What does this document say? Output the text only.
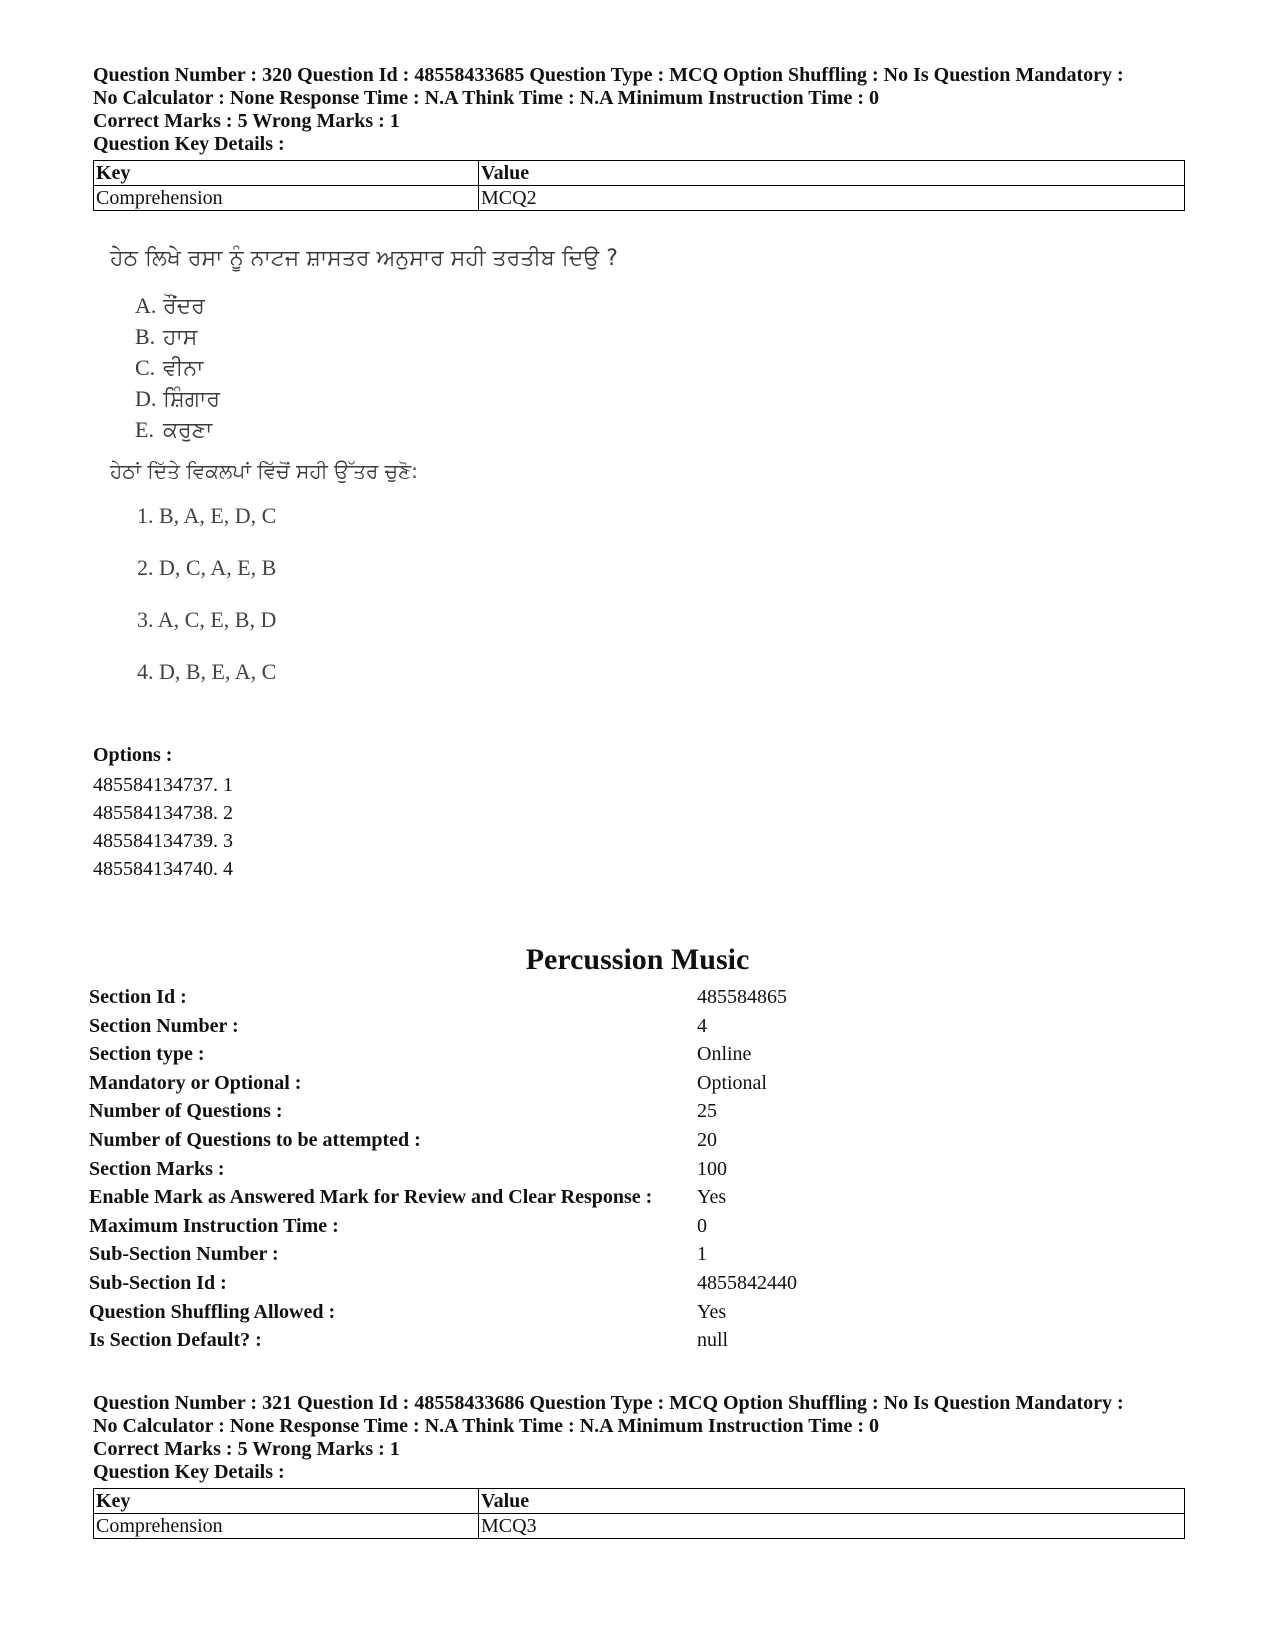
Question Number : 320 Question Id : 48558433685 Question Type : MCQ Option Shuffling : No Is Question Mandatory :

No Calculator : None Response Time : N.A Think Time : N.A Minimum Instruction Time : 0

Correct Marks : 5 Wrong Marks : 1

Question Key Details :

Key	Value
Comprehension	MCQ2

ਹੇਠ ਲਿਖੇ ਰਸਾ ਨੂੰ ਨਾਟਜ ਸ਼ਾਸਤਰ ਅਨੁਸਾਰ ਸਹੀ ਤਰਤੀਬ ਦਿਉ ?

A. ਰੌਂਦਰ
B. ਹਾਸ
C. ਵੀਨਾ
D. ਸ਼ਿੰਗਾਰ
E. ਕਰੁਣਾ

ਹੇਠਾਂ ਦਿੱਤੇ ਵਿਕਲਪਾਂ ਵਿੱਚੋਂ ਸਹੀ ਉੱਤਰ ਚੁਣੋ:

1. B, A, E, D, C
2. D, C, A, E, B
3. A, C, E, B, D
4. D, B, E, A, C

Options :

485584134737. 1
485584134738. 2
485584134739. 3
485584134740. 4
Percussion Music
Section Id :	485584865
Section Number :	4
Section type :	Online
Mandatory or Optional :	Optional
Number of Questions :	25
Number of Questions to be attempted :	20
Section Marks :	100
Enable Mark as Answered Mark for Review and Clear Response :	Yes
Maximum Instruction Time :	0
Sub-Section Number :	1
Sub-Section Id :	4855842440
Question Shuffling Allowed :	Yes
Is Section Default? :	null

Question Number : 321 Question Id : 48558433686 Question Type : MCQ Option Shuffling : No Is Question Mandatory :

No Calculator : None Response Time : N.A Think Time : N.A Minimum Instruction Time : 0

Correct Marks : 5 Wrong Marks : 1

Question Key Details :

Key	Value
Comprehension	MCQ3
